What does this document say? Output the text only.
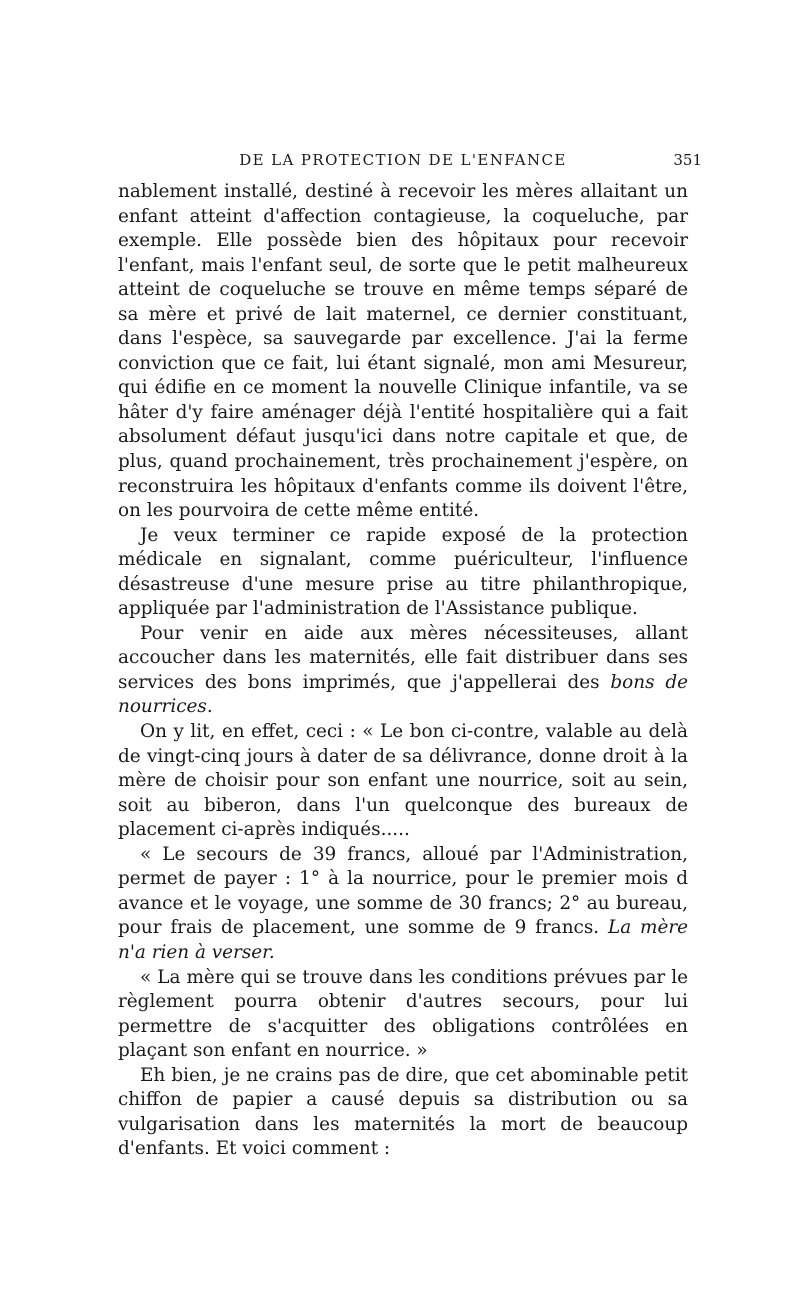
DE LA PROTECTION DE L'ENFANCE	351

nablement installé, destiné à recevoir les mères allaitant un enfant atteint d'affection contagieuse, la coqueluche, par exemple. Elle possède bien des hôpitaux pour recevoir l'enfant, mais l'enfant seul, de sorte que le petit malheureux atteint de coqueluche se trouve en même temps séparé de sa mère et privé de lait maternel, ce dernier constituant, dans l'espèce, sa sauvegarde par excellence. J'ai la ferme conviction que ce fait, lui étant signalé, mon ami Mesureur, qui édifie en ce moment la nouvelle Clinique infantile, va se hâter d'y faire aménager déjà l'entité hospitalière qui a fait absolument défaut jusqu'ici dans notre capitale et que, de plus, quand prochainement, très prochainement j'espère, on reconstruira les hôpitaux d'enfants comme ils doivent l'être, on les pourvoira de cette même entité.

Je veux terminer ce rapide exposé de la protection médicale en signalant, comme puériculteur, l'influence désastreuse d'une mesure prise au titre philanthropique, appliquée par l'administration de l'Assistance publique.

Pour venir en aide aux mères nécessiteuses, allant accoucher dans les maternités, elle fait distribuer dans ses services des bons imprimés, que j'appellerai des bons de nourrices.

On y lit, en effet, ceci : « Le bon ci-contre, valable au delà de vingt-cinq jours à dater de sa délivrance, donne droit à la mère de choisir pour son enfant une nourrice, soit au sein, soit au biberon, dans l'un quelconque des bureaux de placement ci-après indiqués.....

« Le secours de 39 francs, alloué par l'Administration, permet de payer : 1° à la nourrice, pour le premier mois d avance et le voyage, une somme de 30 francs; 2° au bureau, pour frais de placement, une somme de 9 francs. La mère n'a rien à verser.

« La mère qui se trouve dans les conditions prévues par le règlement pourra obtenir d'autres secours, pour lui permettre de s'acquitter des obligations contrôlées en plaçant son enfant en nourrice. »

Eh bien, je ne crains pas de dire, que cet abominable petit chiffon de papier a causé depuis sa distribution ou sa vulgarisation dans les maternités la mort de beaucoup d'enfants. Et voici comment :
